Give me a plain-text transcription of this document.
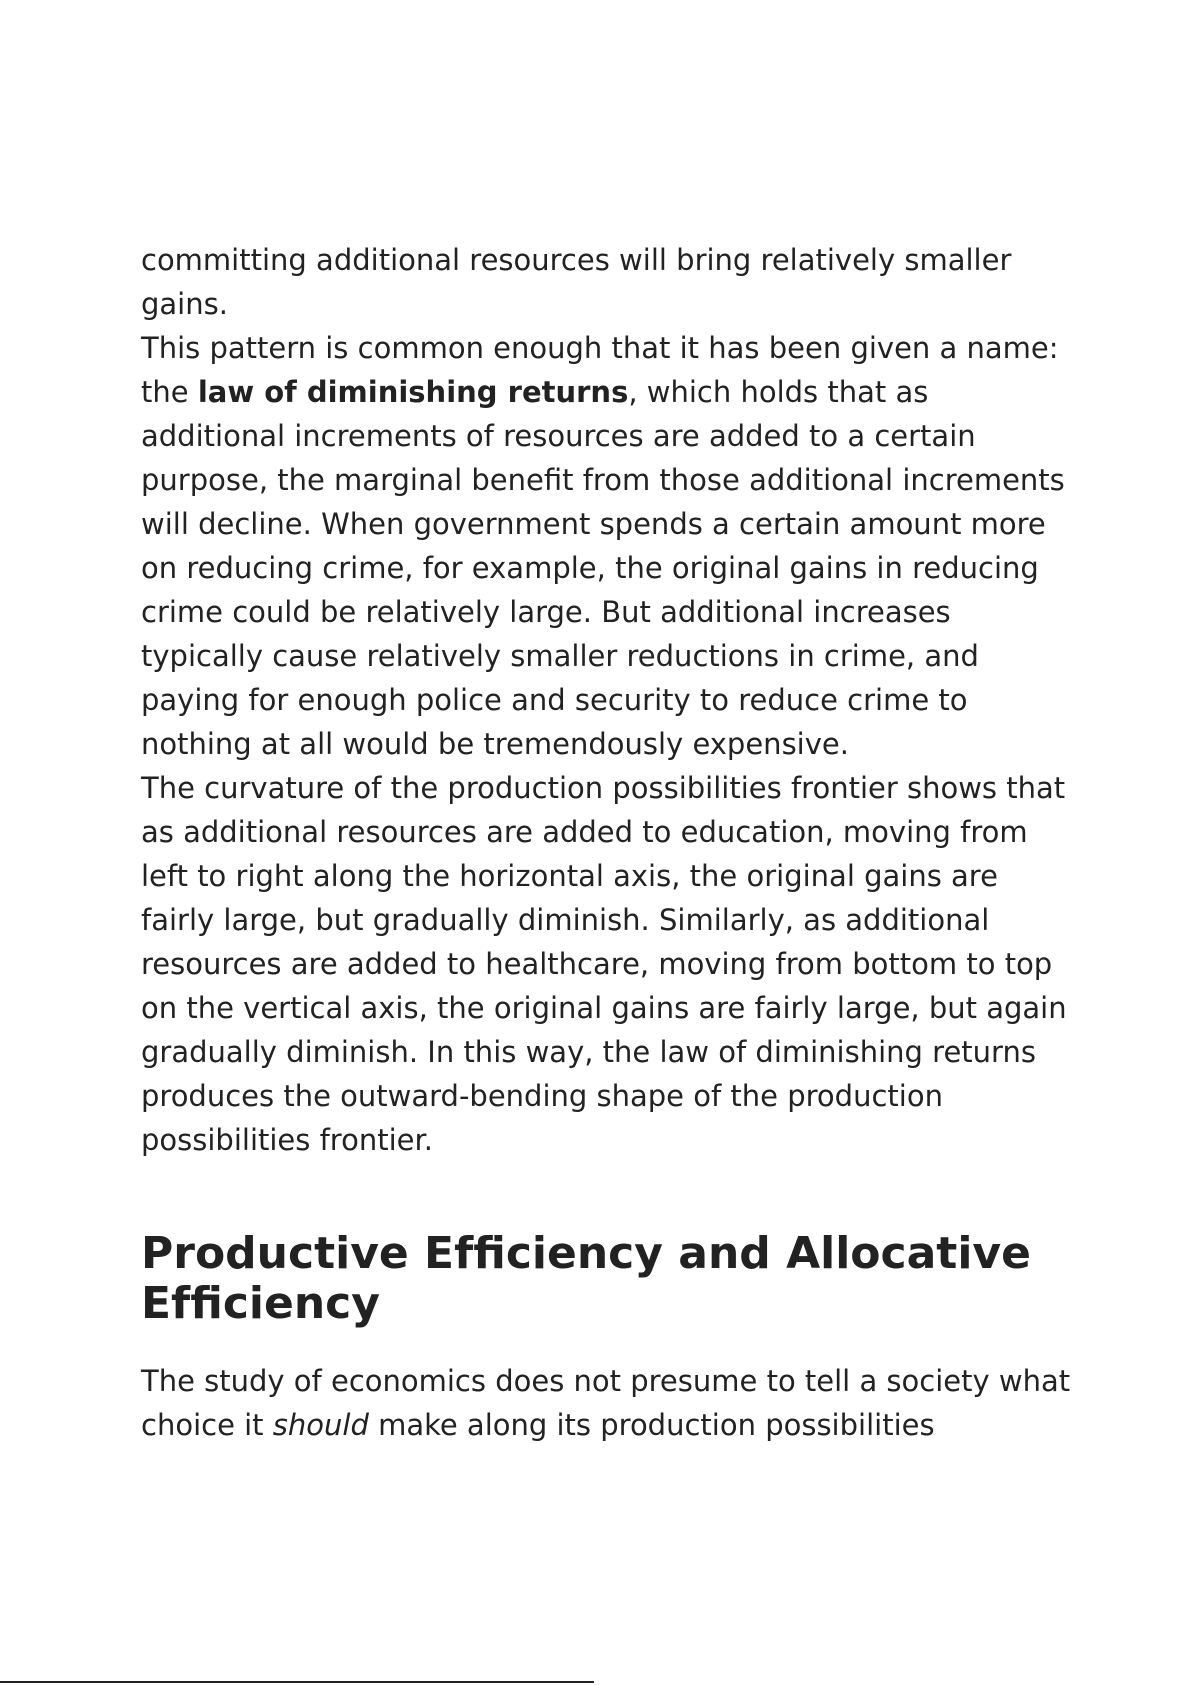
committing additional resources will bring relatively smaller gains.

This pattern is common enough that it has been given a name: the law of diminishing returns, which holds that as additional increments of resources are added to a certain purpose, the marginal benefit from those additional increments will decline. When government spends a certain amount more on reducing crime, for example, the original gains in reducing crime could be relatively large. But additional increases typically cause relatively smaller reductions in crime, and paying for enough police and security to reduce crime to nothing at all would be tremendously expensive.

The curvature of the production possibilities frontier shows that as additional resources are added to education, moving from left to right along the horizontal axis, the original gains are fairly large, but gradually diminish. Similarly, as additional resources are added to healthcare, moving from bottom to top on the vertical axis, the original gains are fairly large, but again gradually diminish. In this way, the law of diminishing returns produces the outward-bending shape of the production possibilities frontier.

Productive Efﬁciency and Allocative Efﬁciency

The study of economics does not presume to tell a society what choice it should make along its production possibilities
